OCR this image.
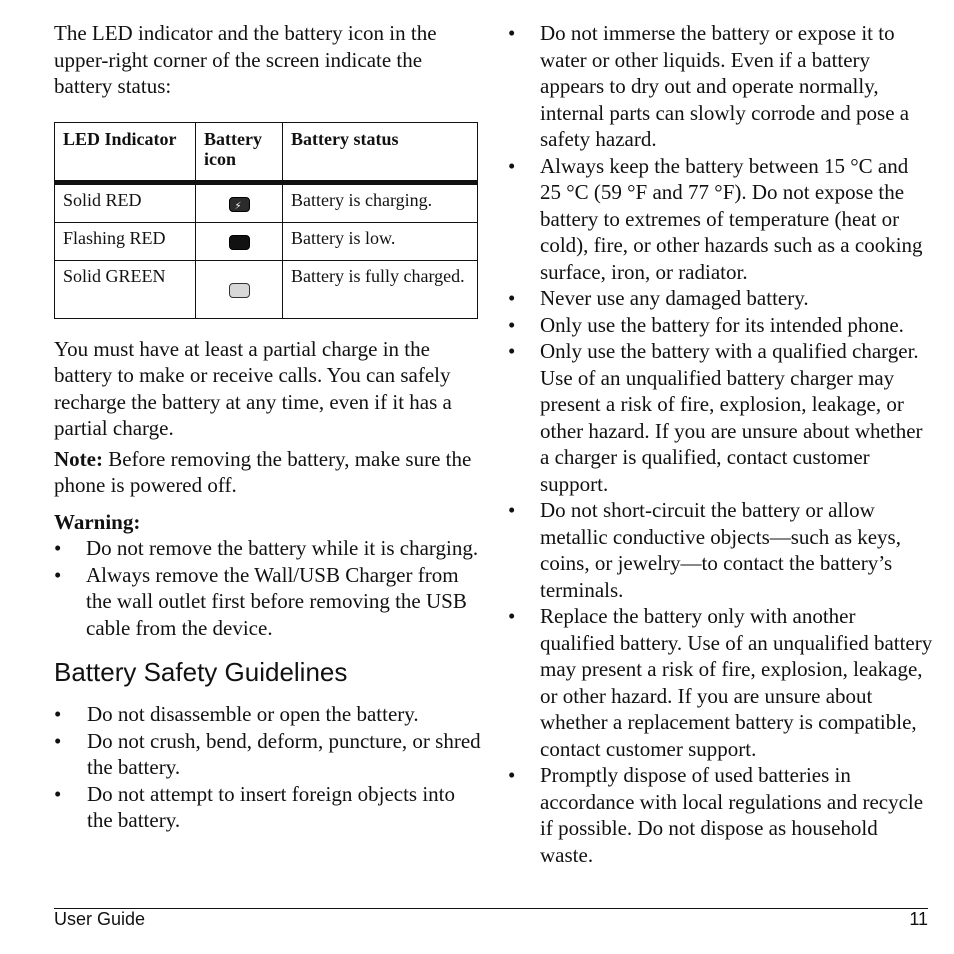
The LED indicator and the battery icon in the upper-right corner of the screen indicate the battery status:

LED Indicator	Battery icon	Battery status
Solid RED	⚡	Battery is charging.
Flashing RED		Battery is low.
Solid GREEN		Battery is fully charged.

You must have at least a partial charge in the battery to make or receive calls. You can safely recharge the battery at any time, even if it has a partial charge.

Note: Before removing the battery, make sure the phone is powered off.

Warning:

• Do not remove the battery while it is charging.
• Always remove the Wall/USB Charger from the wall outlet first before removing the USB cable from the device.
Battery Safety Guidelines
• Do not disassemble or open the battery.
• Do not crush, bend, deform, puncture, or shred the battery.
• Do not attempt to insert foreign objects into the battery.
• Do not immerse the battery or expose it to water or other liquids. Even if a battery appears to dry out and operate normally, internal parts can slowly corrode and pose a safety hazard.
• Always keep the battery between 15 °C and 25 °C (59 °F and 77 °F). Do not expose the battery to extremes of temperature (heat or cold), fire, or other hazards such as a cooking surface, iron, or radiator.
• Never use any damaged battery.
• Only use the battery for its intended phone.
• Only use the battery with a qualified charger. Use of an unqualified battery charger may present a risk of fire, explosion, leakage, or other hazard. If you are unsure about whether a charger is qualified, contact customer support.
• Do not short-circuit the battery or allow metallic conductive objects—such as keys, coins, or jewelry—to contact the battery’s terminals.
• Replace the battery only with another qualified battery. Use of an unqualified battery may present a risk of fire, explosion, leakage, or other hazard. If you are unsure about whether a replacement battery is compatible, contact customer support.
• Promptly dispose of used batteries in accordance with local regulations and recycle if possible. Do not dispose as household waste.
User Guide	11
